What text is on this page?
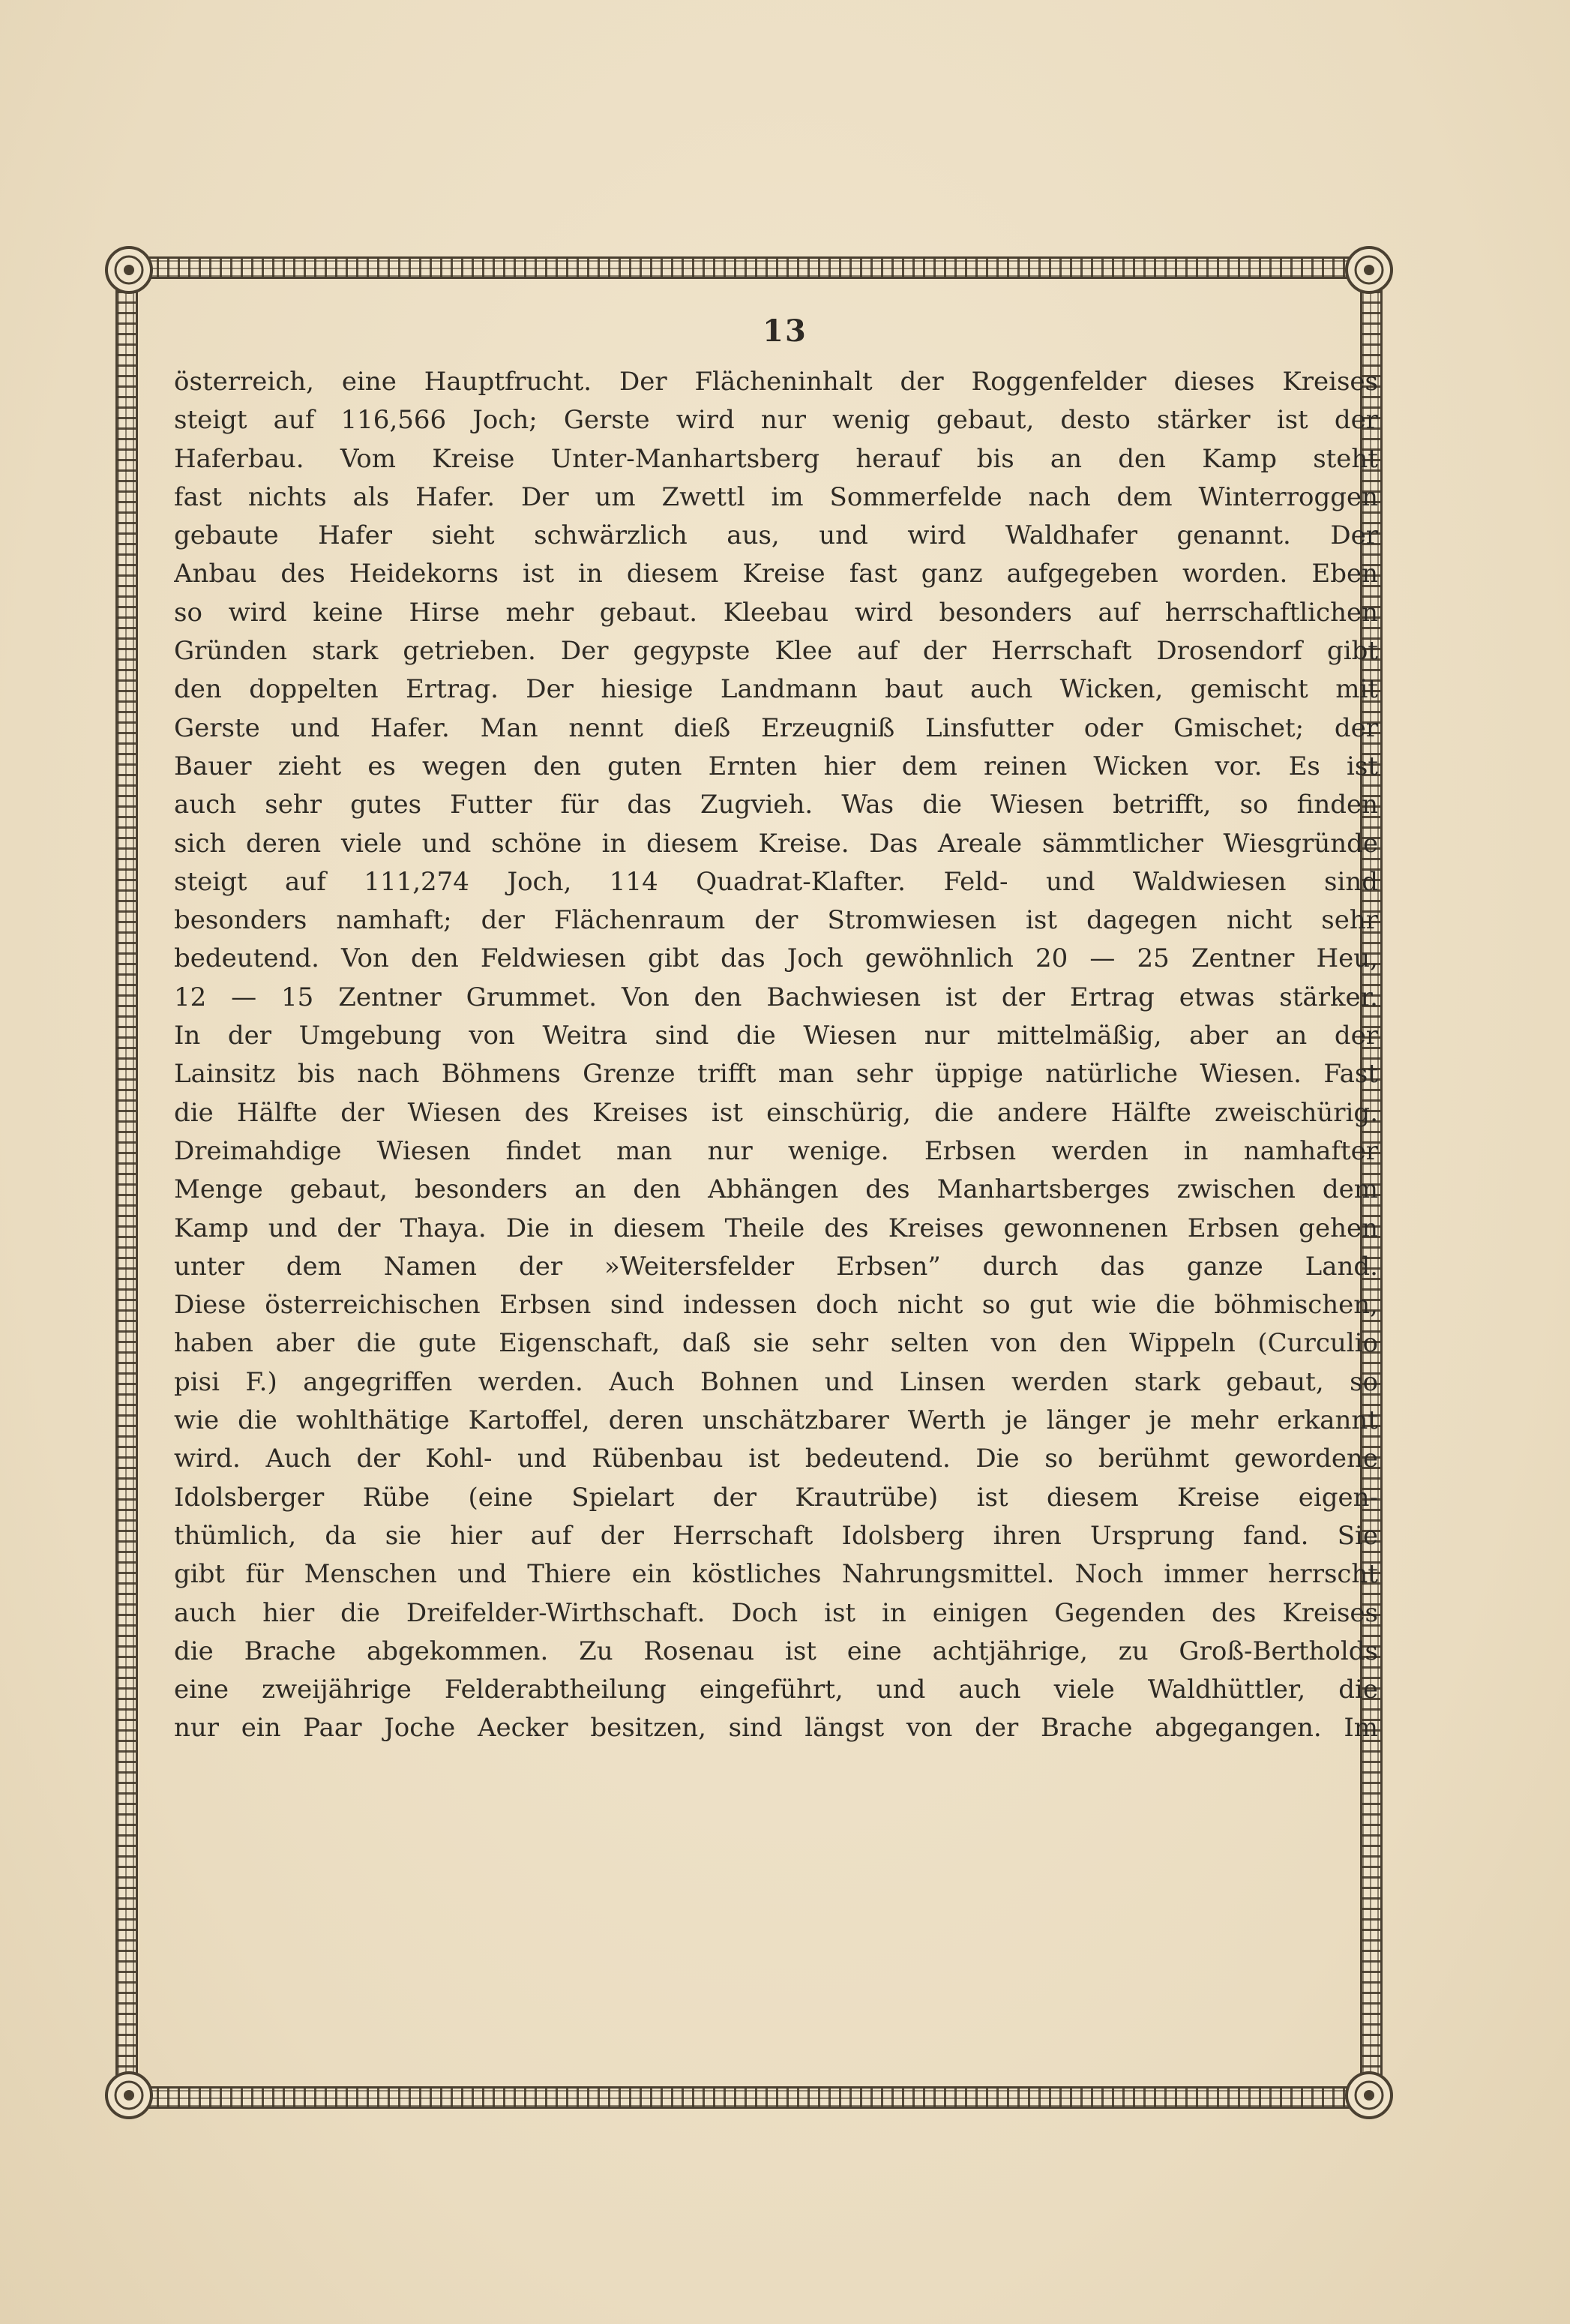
13
österreich, eine Hauptfrucht. Der Flächeninhalt der Roggenfelder dieses Kreises
steigt auf 116,566 Joch; Gerste wird nur wenig gebaut, desto stärker ist der
Haferbau. Vom Kreise Unter-Manhartsberg herauf bis an den Kamp steht
fast nichts als Hafer. Der um Zwettl im Sommerfelde nach dem Winterroggen
gebaute Hafer sieht schwärzlich aus, und wird Waldhafer genannt. Der
Anbau des Heidekorns ist in diesem Kreise fast ganz aufgegeben worden. Eben
so wird keine Hirse mehr gebaut. Kleebau wird besonders auf herrschaftlichen
Gründen stark getrieben. Der gegypste Klee auf der Herrschaft Drosendorf gibt
den doppelten Ertrag. Der hiesige Landmann baut auch Wicken, gemischt mit
Gerste und Hafer. Man nennt dieß Erzeugniß Linsfutter oder Gmischet; der
Bauer zieht es wegen den guten Ernten hier dem reinen Wicken vor. Es ist
auch sehr gutes Futter für das Zugvieh. Was die Wiesen betrifft, so finden
sich deren viele und schöne in diesem Kreise. Das Areale sämmtlicher Wiesgründe
steigt auf 111,274 Joch, 114 Quadrat-Klafter. Feld- und Waldwiesen sind
besonders namhaft; der Flächenraum der Stromwiesen ist dagegen nicht sehr
bedeutend. Von den Feldwiesen gibt das Joch gewöhnlich 20 — 25 Zentner Heu,
12 — 15 Zentner Grummet. Von den Bachwiesen ist der Ertrag etwas stärker.
In der Umgebung von Weitra sind die Wiesen nur mittelmäßig, aber an der
Lainsitz bis nach Böhmens Grenze trifft man sehr üppige natürliche Wiesen. Fast
die Hälfte der Wiesen des Kreises ist einschürig, die andere Hälfte zweischürig.
Dreimahdige Wiesen findet man nur wenige. Erbsen werden in namhafter
Menge gebaut, besonders an den Abhängen des Manhartsberges zwischen dem
Kamp und der Thaya. Die in diesem Theile des Kreises gewonnenen Erbsen gehen
unter dem Namen der »Weitersfelder Erbsen” durch das ganze Land.
Diese österreichischen Erbsen sind indessen doch nicht so gut wie die böhmischen,
haben aber die gute Eigenschaft, daß sie sehr selten von den Wippeln (Curculio
pisi F.) angegriffen werden. Auch Bohnen und Linsen werden stark gebaut, so
wie die wohlthätige Kartoffel, deren unschätzbarer Werth je länger je mehr erkannt
wird. Auch der Kohl- und Rübenbau ist bedeutend. Die so berühmt gewordene
Idolsberger Rübe (eine Spielart der Krautrübe) ist diesem Kreise eigen-
thümlich, da sie hier auf der Herrschaft Idolsberg ihren Ursprung fand. Sie
gibt für Menschen und Thiere ein köstliches Nahrungsmittel. Noch immer herrscht
auch hier die Dreifelder-Wirthschaft. Doch ist in einigen Gegenden des Kreises
die Brache abgekommen. Zu Rosenau ist eine achtjährige, zu Groß-Bertholds
eine zweijährige Felderabtheilung eingeführt, und auch viele Waldhüttler, die
nur ein Paar Joche Aecker besitzen, sind längst von der Brache abgegangen. Im
